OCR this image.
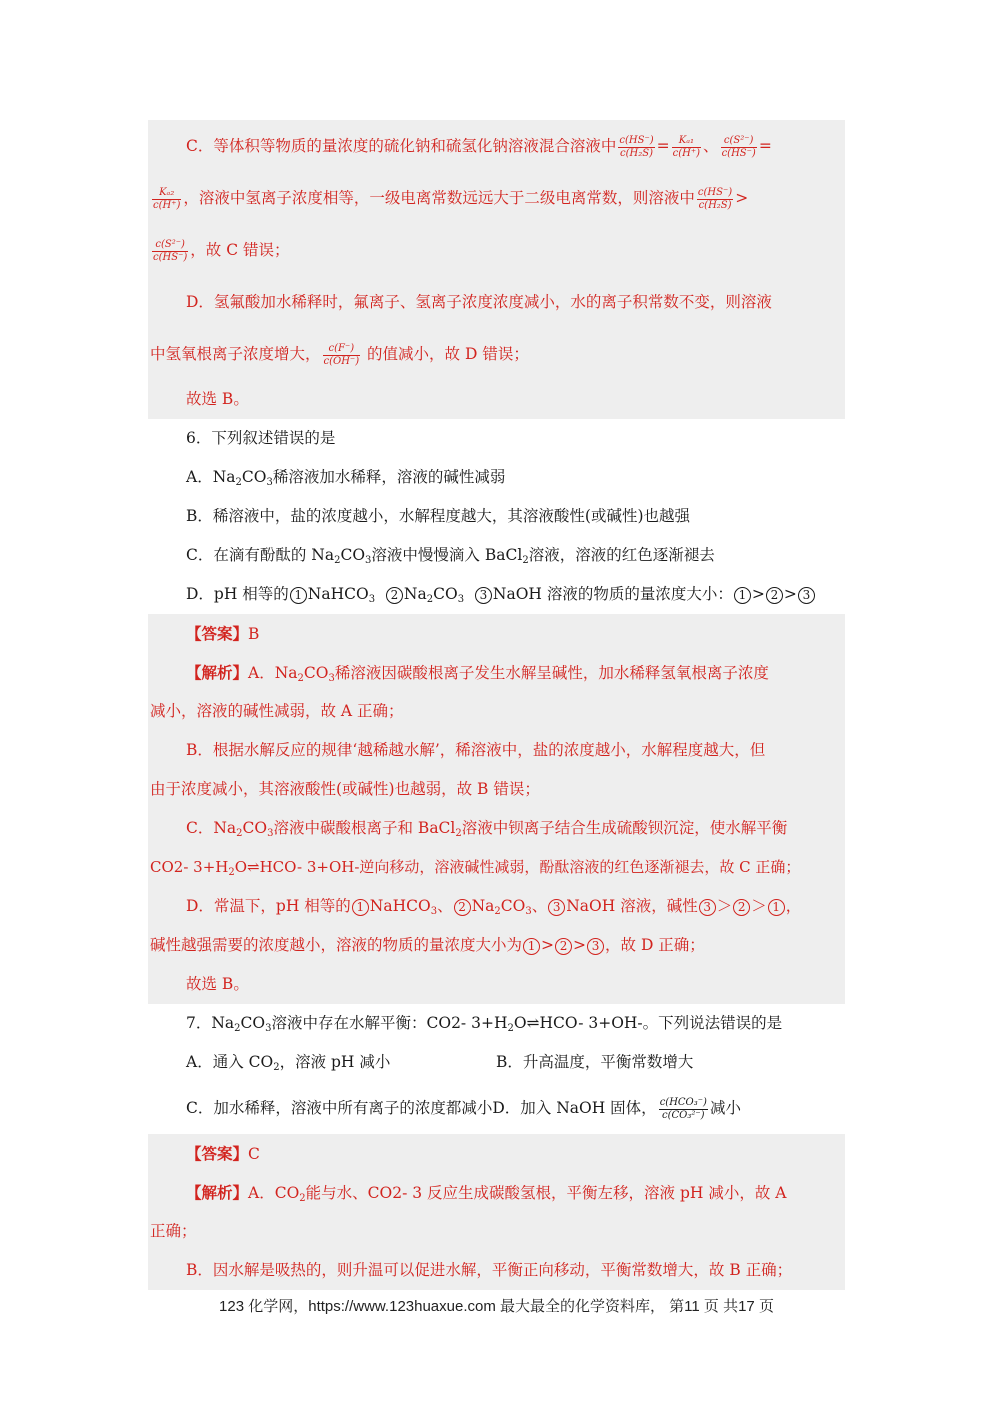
C．等体积等物质的量浓度的硫化钠和硫氢化钠溶液混合溶液中 $\frac{c(HS^-)}{\text{c(H₂S)}} = \frac{\text{Kₐ₁}}{c(H^+)}$ 、 $\frac{\text{c(S²⁻)}}{c(HS^-)}$ =
$\frac{\text{Kₐ₂}}{c(H^+)}$ ，溶液中氢离子浓度相等，一级电离常数远远大于二级电离常数，则溶液中 $\frac{c(HS^-)}{\text{c(H₂S)}}$ >
$\frac{\text{c(S²⁻)}}{c(HS^-)}$ ，故 C 错误；
D．氢氟酸加水稀释时，氟离子、氢离子浓度浓度减小，水的离子积常数不变，则溶液
中氢氧根离子浓度增大， $\frac{c(F^-)}{c(OH^-)}$ 的值减小，故 D 错误；
故选 B。
6．下列叙述错误的是
A．$Na_2CO_3$稀溶液加水稀释，溶液的碱性减弱
B．稀溶液中，盐的浓度越小，水解程度越大，其溶液酸性(或碱性)也越强
C．在滴有酚酞的 $Na_2CO_3$溶液中慢慢滴入 BaCl$_2$溶液，溶液的红色逐渐褪去
D．pH 相等的 1 NaHCO$_3$ 2 $Na_2CO_3$ 3 NaOH 溶液的物质的量浓度大小： 1 > 2 > 3
【答案】B
【解析】A．$Na_2CO_3$稀溶液因碳酸根离子发生水解呈碱性，加水稀释氢氧根离子浓度
减小，溶液的碱性减弱，故 A 正确；
B．根据水解反应的规律‘越稀越水解’，稀溶液中，盐的浓度越小，水解程度越大，但
由于浓度减小，其溶液酸性(或碱性)也越弱，故 B 错误；
C．$Na_2CO_3$溶液中碳酸根离子和 BaCl$_2$溶液中钡离子结合生成硫酸钡沉淀，使水解平衡
CO2- $3+H_2O\rightleftharpoons HCO-$ 3+OH-逆向移动，溶液碱性减弱，酚酞溶液的红色逐渐褪去，故 C 正确；
D．常温下，pH 相等的 1 NaHCO$_3$、 2 $Na_2CO_3$、 3 NaOH 溶液，碱性 3 ＞ 2 ＞ 1 ，
碱性越强需要的浓度越小，溶液的物质的量浓度大小为 1 > 2 > 3 ，故 D 正确；
故选 B。
7．$Na_2CO_3$溶液中存在水解平衡：CO2- $3+H_2O\rightleftharpoons HCO-$ 3+OH-。下列说法错误的是
A．通入 $CO_2$，溶液 pH 减小	B．升高温度，平衡常数增大
C．加水稀释，溶液中所有离子的浓度都减小D．加入 NaOH 固体， $\frac{\text{c(HCO₃⁻)}}{\text{c(CO₃²⁻)}}$ 减小
【答案】C
【解析】A．$CO_2$能与水、CO2- 3 反应生成碳酸氢根，平衡左移，溶液 pH 减小，故 A
正确；
B．因水解是吸热的，则升温可以促进水解，平衡正向移动，平衡常数增大，故 B 正确；
123 化学网，https://www.123huaxue.com 最大最全的化学资料库， 第11 页 共17 页
